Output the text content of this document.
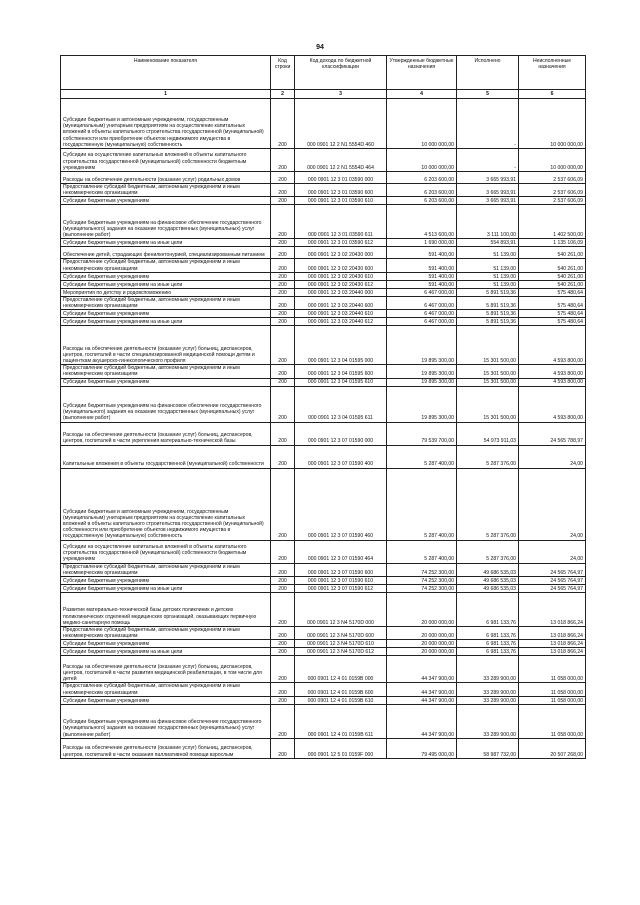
94
Наименование показателя	Код строки	Код дохода по бюджетной классификации	Утвержденные бюджетные назначения	Исполнено	Неисполненные назначения
1	2	3	4	5	6
Субсидии бюджетным и автономным учреждениям, государственным (муниципальным) унитарным предприятиям на осуществление капитальных вложений в объекты капитального строительства государственной (муниципальной) собственности или приобретение объектов недвижимого имущества в государственную (муниципальную) собственность	200	000 0901 12 2 N1 5554D 460	10 000 000,00	-	10 000 000,00
Субсидии на осуществление капитальных вложений в объекты капитального строительства государственной (муниципальной) собственности бюджетным учреждениям	200	000 0901 12 2 N1 5554D 464	10 000 000,00	-	10 000 000,00
Расходы на обеспечение деятельности (оказание услуг) родильных домов	200	000 0901 12 3 01 03590 000	6 203 600,00	3 665 993,91	2 537 606,09
Предоставление субсидий бюджетным, автономным учреждениям и иным некоммерческим организациям	200	000 0901 12 3 01 03590 600	6 203 600,00	3 665 993,91	2 537 606,09
Субсидии бюджетным учреждениям	200	000 0901 12 3 01 03590 610	6 203 600,00	3 665 993,91	2 537 606,09
Субсидии бюджетным учреждениям на финансовое обеспечение государственного (муниципального) задания на оказание государственных (муниципальных) услуг (выполнение работ)	200	000 0901 12 3 01 03590 611	4 513 600,00	3 111 100,00	1 402 500,00
Субсидии бюджетным учреждениям на иные цели	200	000 0901 12 3 01 03590 612	1 690 000,00	554 893,91	1 135 106,09
Обеспечение детей, страдающих фенилкетонурией, специализированным питанием	200	000 0901 12 3 02 20430 000	591 400,00	51 139,00	540 261,00
Предоставление субсидий бюджетным, автономным учреждениям и иным некоммерческим организациям	200	000 0901 12 3 02 20430 600	591 400,00	51 139,00	540 261,00
Субсидии бюджетным учреждениям	200	000 0901 12 3 02 20430 610	591 400,00	51 139,00	540 261,00
Субсидии бюджетным учреждениям на иные цели	200	000 0901 12 3 02 20430 612	591 400,00	51 139,00	540 261,00
Мероприятия по детству и родовспоможению	200	000 0901 12 3 03 20440 000	6 467 000,00	5 891 519,36	575 480,64
Предоставление субсидий бюджетным, автономным учреждениям и иным некоммерческим организациям	200	000 0901 12 3 03 20440 600	6 467 000,00	5 891 519,36	575 480,64
Субсидии бюджетным учреждениям	200	000 0901 12 3 03 20440 610	6 467 000,00	5 891 519,36	575 480,64
Субсидии бюджетным учреждениям на иные цели	200	000 0901 12 3 03 20440 612	6 467 000,00	5 891 519,36	575 480,64
Расходы на обеспечение деятельности (оказание услуг) больниц, диспансеров, центров, госпиталей в части специализированной медицинской помощи детям и пациенткам акушерско-гинекологического профиля	200	000 0901 12 3 04 01595 000	19 895 300,00	15 301 500,00	4 593 800,00
Предоставление субсидий бюджетным, автономным учреждениям и иным некоммерческим организациям	200	000 0901 12 3 04 01595 600	19 895 300,00	15 301 500,00	4 593 800,00
Субсидии бюджетным учреждениям	200	000 0901 12 3 04 01595 610	19 895 300,00	15 301 500,00	4 593 800,00
Субсидии бюджетным учреждениям на финансовое обеспечение государственного (муниципального) задания на оказание государственных (муниципальных) услуг (выполнение работ)	200	000 0901 12 3 04 01595 611	19 895 300,00	15 301 500,00	4 593 800,00
Расходы на обеспечение деятельности (оказание услуг) больниц, диспансеров, центров, госпиталей в части укрепления материально-технической базы	200	000 0901 12 3 07 01590 000	79 539 700,00	54 973 911,03	24 565 788,97
Капитальные вложения в объекты государственной (муниципальной) собственности	200	000 0901 12 3 07 01590 400	5 287 400,00	5 287 376,00	24,00
Субсидии бюджетным и автономным учреждениям, государственным (муниципальным) унитарным предприятиям на осуществление капитальных вложений в объекты капитального строительства государственной (муниципальной) собственности или приобретение объектов недвижимого имущества в государственную (муниципальную) собственность	200	000 0901 12 3 07 01590 460	5 287 400,00	5 287 376,00	24,00
Субсидии на осуществление капитальных вложений в объекты капитального строительства государственной (муниципальной) собственности бюджетным учреждениям	200	000 0901 12 3 07 01590 464	5 287 400,00	5 287 376,00	24,00
Предоставление субсидий бюджетным, автономным учреждениям и иным некоммерческим организациям	200	000 0901 12 3 07 01590 600	74 252 300,00	49 686 535,03	24 565 764,97
Субсидии бюджетным учреждениям	200	000 0901 12 3 07 01590 610	74 252 300,00	49 686 535,03	24 565 764,97
Субсидии бюджетным учреждениям на иные цели	200	000 0901 12 3 07 01590 612	74 252 300,00	49 686 535,03	24 565 764,97
Развитие материально-технической базы детских поликлиник и детских поликлинических отделений медицинских организаций, оказывающих первичную медико-санитарную помощь	200	000 0901 12 3 N4 5170D 000	20 000 000,00	6 981 133,76	13 018 866,24
Предоставление субсидий бюджетным, автономным учреждениям и иным некоммерческим организациям	200	000 0901 12 3 N4 5170D 600	20 000 000,00	6 981 133,76	13 018 866,24
Субсидии бюджетным учреждениям	200	000 0901 12 3 N4 5170D 610	20 000 000,00	6 981 133,76	13 018 866,24
Субсидии бюджетным учреждениям на иные цели	200	000 0901 12 3 N4 5170D 612	20 000 000,00	6 981 133,76	13 018 866,24
Расходы на обеспечение деятельности (оказание услуг) больниц, диспансеров, центров, госпиталей в части развития медицинской реабилитации, в том числе для детей	200	000 0901 12 4 01 0159B 000	44 347 900,00	33 289 900,00	11 058 000,00
Предоставление субсидий бюджетным, автономным учреждениям и иным некоммерческим организациям	200	000 0901 12 4 01 0159B 600	44 347 900,00	33 289 900,00	11 058 000,00
Субсидии бюджетным учреждениям	200	000 0901 12 4 01 0159B 610	44 347 900,00	33 289 900,00	11 058 000,00
Субсидии бюджетным учреждениям на финансовое обеспечение государственного (муниципального) задания на оказание государственных (муниципальных) услуг (выполнение работ)	200	000 0901 12 4 01 0159B 611	44 347 900,00	33 289 900,00	11 058 000,00
Расходы на обеспечение деятельности (оказание услуг) больниц, диспансеров, центров, госпиталей в части оказания паллиативной помощи взрослым	200	000 0901 12 5 01 0159F 000	79 495 000,00	58 987 732,00	20 507 268,00
